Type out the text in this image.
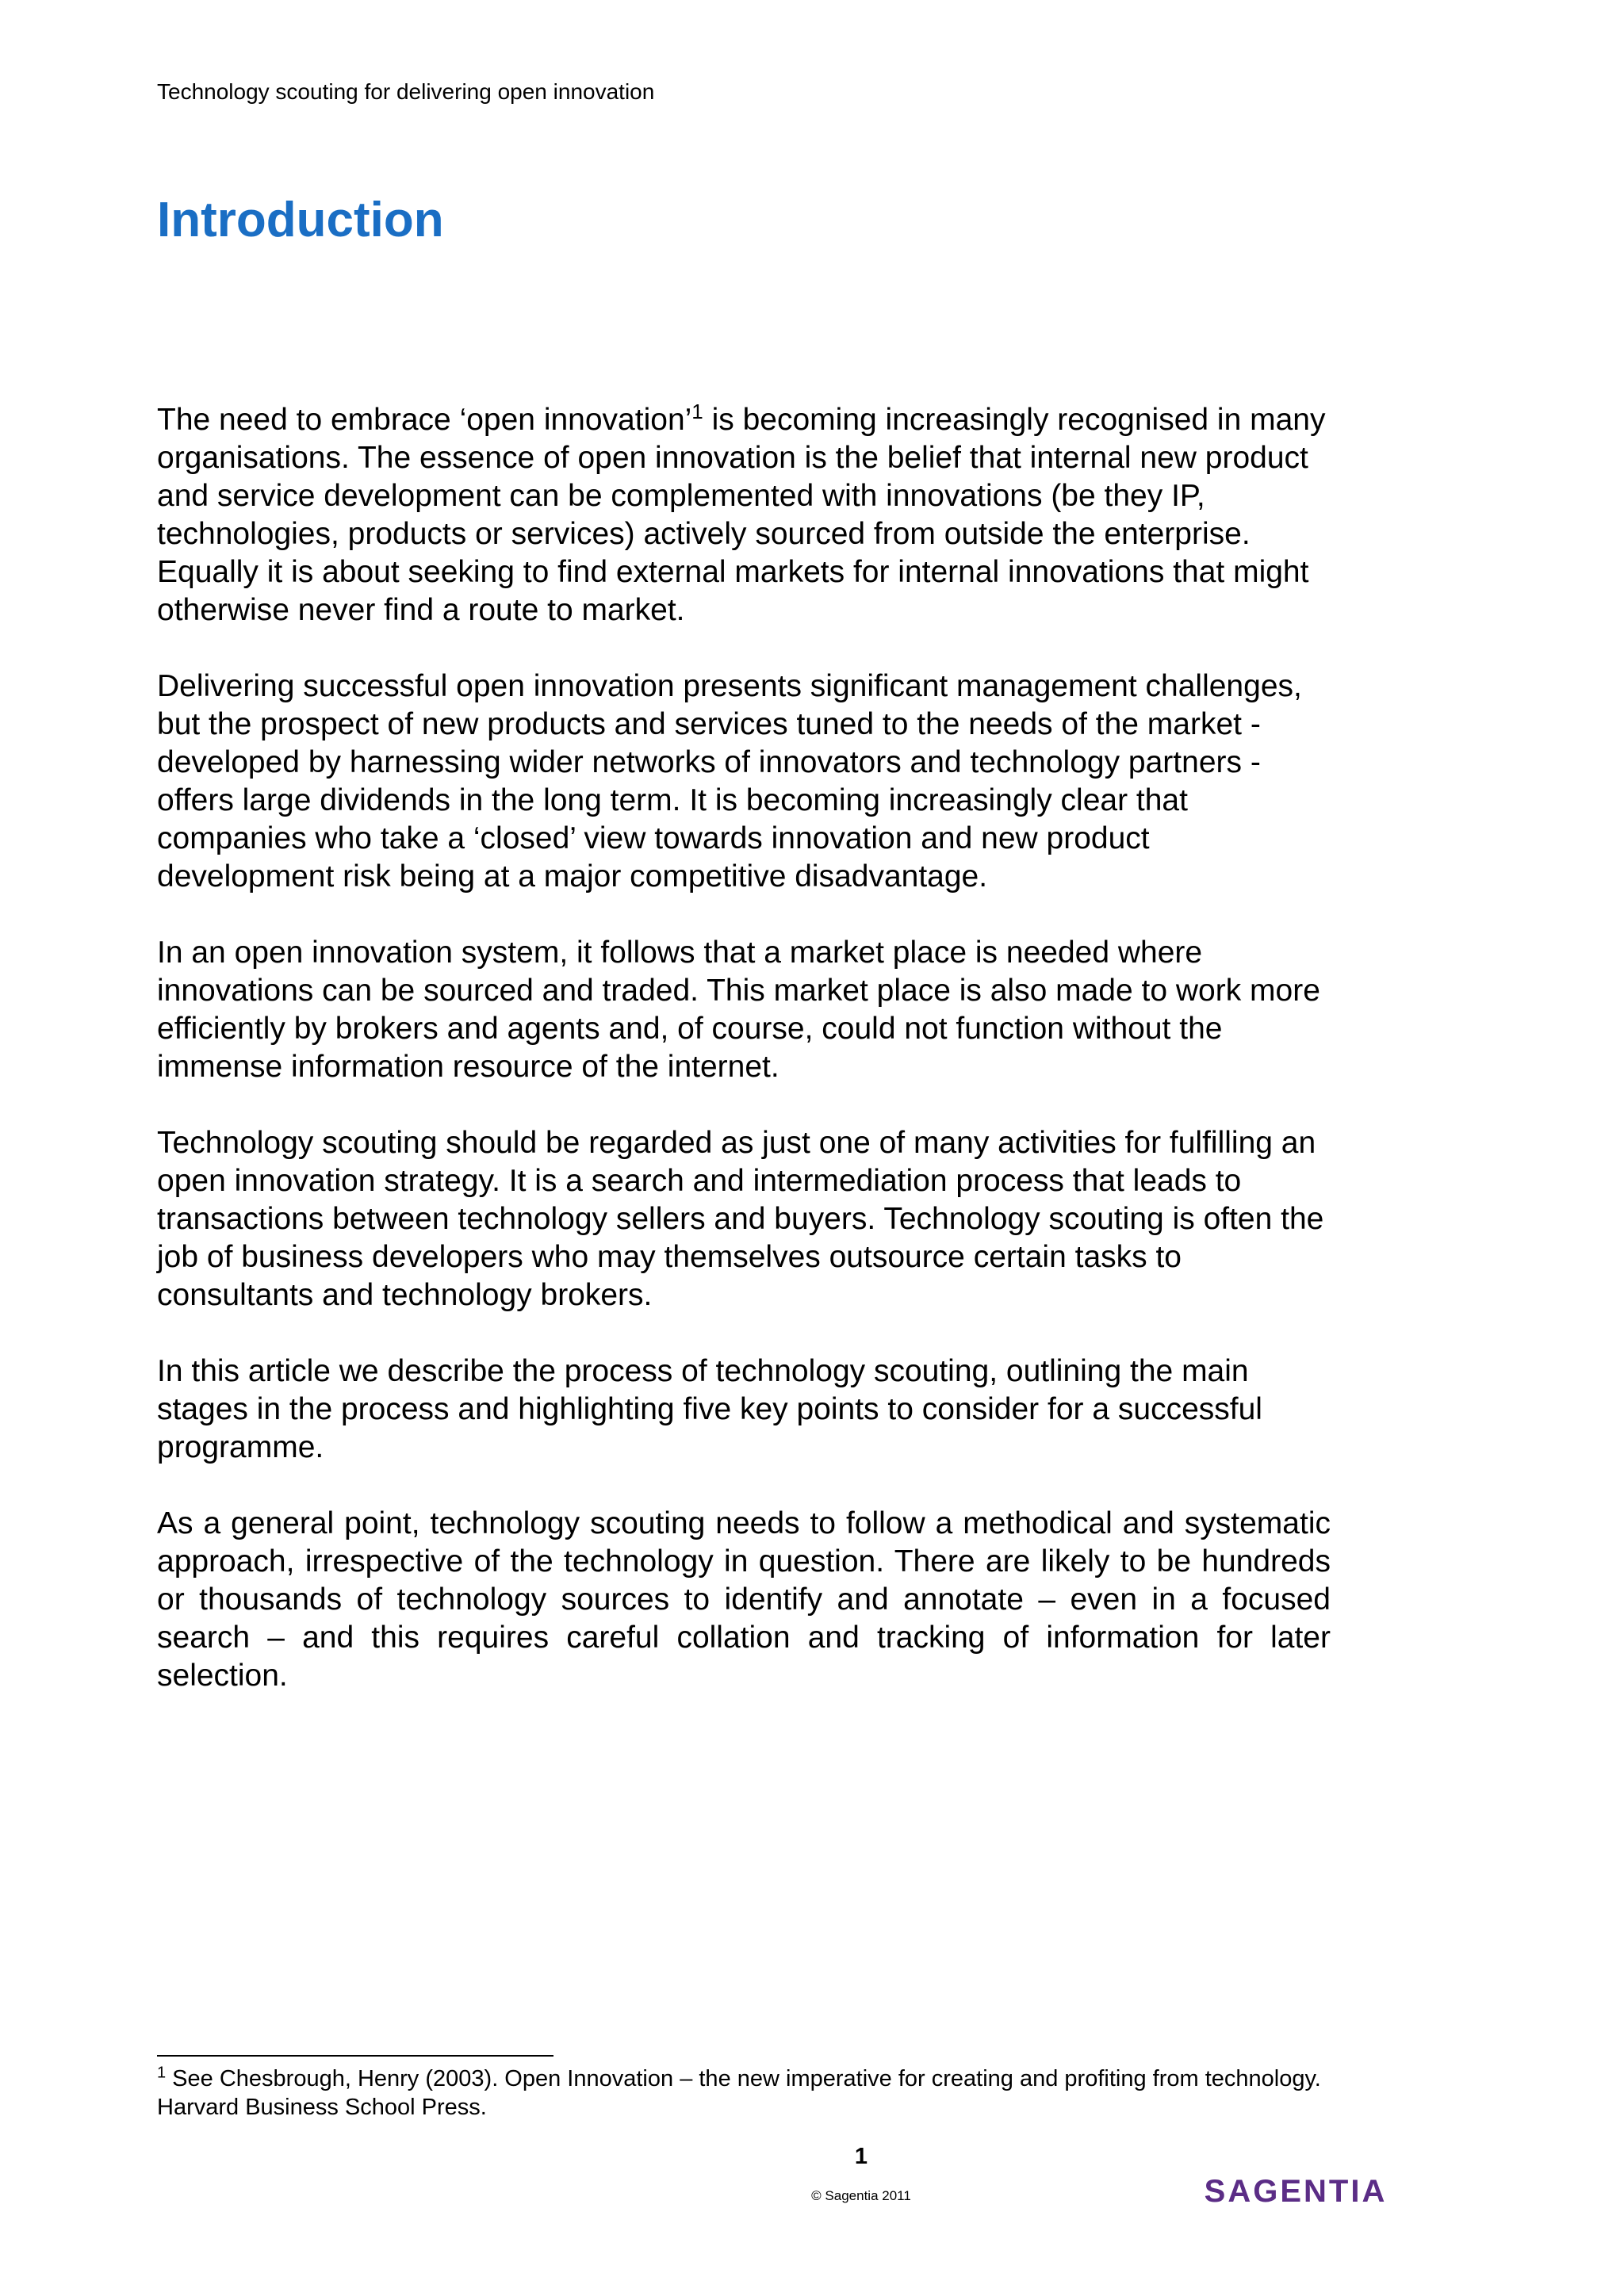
Technology scouting for delivering open innovation
Introduction

The need to embrace ‘open innovation’$^1$ is becoming increasingly recognised in many organisations. The essence of open innovation is the belief that internal new product and service development can be complemented with innovations (be they IP, technologies, products or services) actively sourced from outside the enterprise. Equally it is about seeking to find external markets for internal innovations that might otherwise never find a route to market.

Delivering successful open innovation presents significant management challenges, but the prospect of new products and services tuned to the needs of the market - developed by harnessing wider networks of innovators and technology partners - offers large dividends in the long term. It is becoming increasingly clear that companies who take a ‘closed’ view towards innovation and new product development risk being at a major competitive disadvantage.

In an open innovation system, it follows that a market place is needed where innovations can be sourced and traded. This market place is also made to work more efficiently by brokers and agents and, of course, could not function without the immense information resource of the internet.

Technology scouting should be regarded as just one of many activities for fulfilling an open innovation strategy. It is a search and intermediation process that leads to transactions between technology sellers and buyers. Technology scouting is often the job of business developers who may themselves outsource certain tasks to consultants and technology brokers.

In this article we describe the process of technology scouting, outlining the main stages in the process and highlighting five key points to consider for a successful programme.

As a general point, technology scouting needs to follow a methodical and systematic approach, irrespective of the technology in question. There are likely to be hundreds or thousands of technology sources to identify and annotate – even in a focused search – and this requires careful collation and tracking of information for later selection.

$^1$ See Chesbrough, Henry (2003). Open Innovation – the new imperative for creating and profiting from technology. Harvard Business School Press.
1
© Sagentia 2011	SAGENTIA
